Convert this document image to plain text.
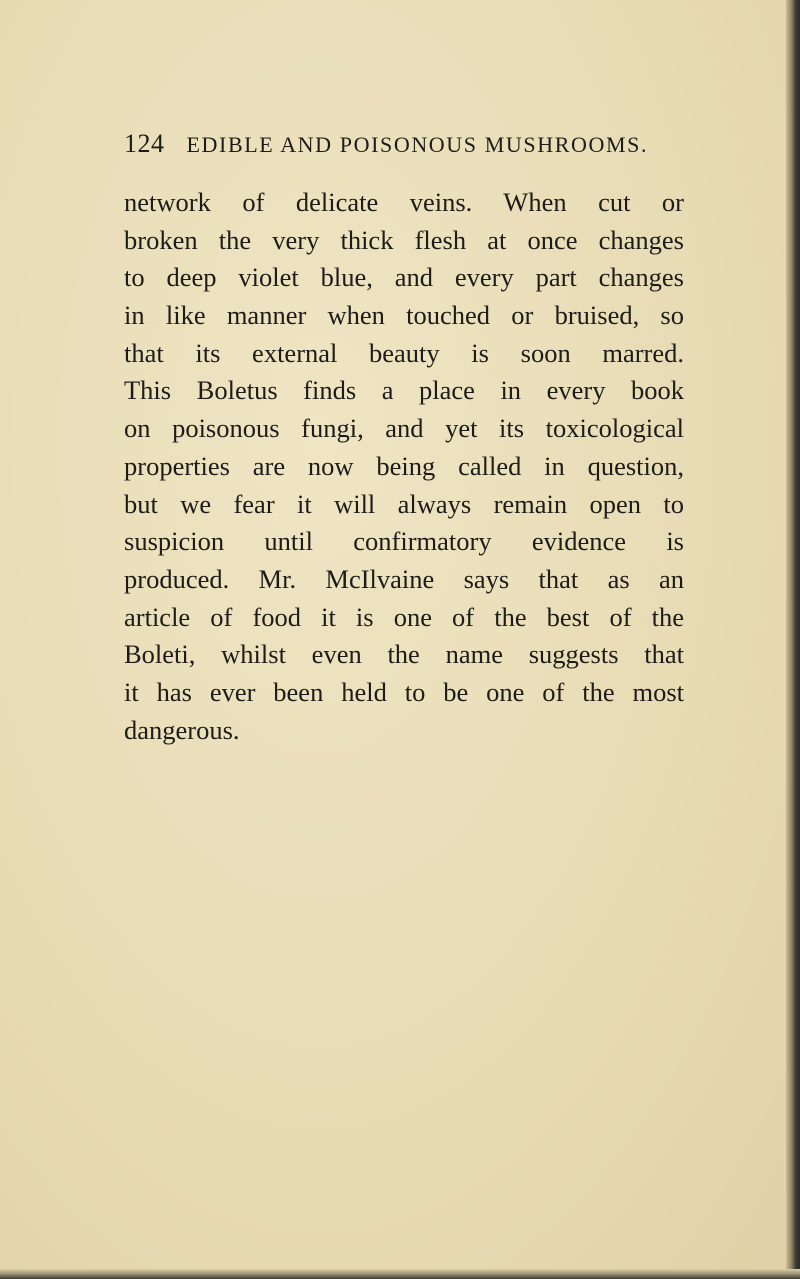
124 EDIBLE AND POISONOUS MUSHROOMS.
network of delicate veins. When cut or
broken the very thick flesh at once changes
to deep violet blue, and every part changes
in like manner when touched or bruised, so
that its external beauty is soon marred.
This Boletus finds a place in every book
on poisonous fungi, and yet its toxicological
properties are now being called in question,
but we fear it will always remain open to
suspicion until confirmatory evidence is
produced. Mr. McIlvaine says that as an
article of food it is one of the best of the
Boleti, whilst even the name suggests that
it has ever been held to be one of the most
dangerous.
